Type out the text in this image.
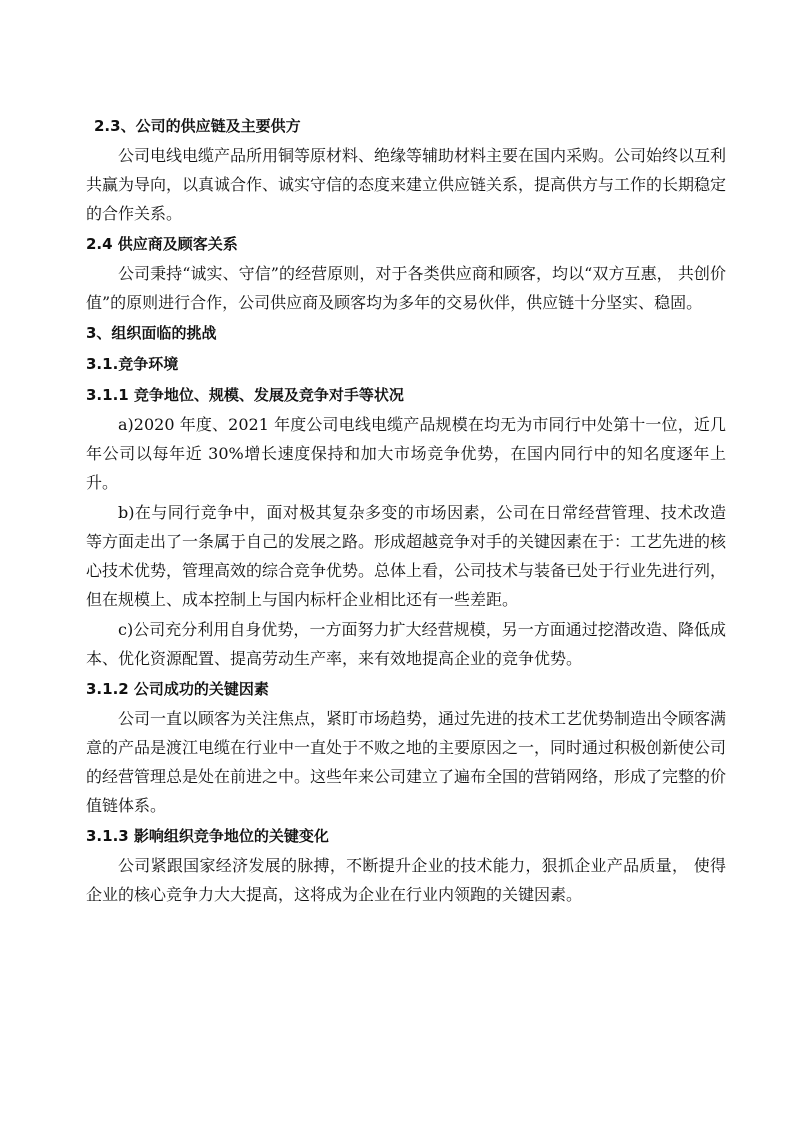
2.3、公司的供应链及主要供方

公司电线电缆产品所用铜等原材料、绝缘等辅助材料主要在国内采购。公司始终以互利共赢为导向，以真诚合作、诚实守信的态度来建立供应链关系，提高供方与工作的长期稳定的合作关系。

2.4 供应商及顾客关系

公司秉持“诚实、守信”的经营原则，对于各类供应商和顾客，均以“双方互惠， 共创价值”的原则进行合作，公司供应商及顾客均为多年的交易伙伴，供应链十分坚实、稳固。

3、组织面临的挑战
3.1.竞争环境
3.1.1 竞争地位、规模、发展及竞争对手等状况

a)2020 年度、2021 年度公司电线电缆产品规模在均无为市同行中处第十一位，近几年公司以每年近 30%增长速度保持和加大市场竞争优势，在国内同行中的知名度逐年上升。

b)在与同行竞争中，面对极其复杂多变的市场因素，公司在日常经营管理、技术改造等方面走出了一条属于自己的发展之路。形成超越竞争对手的关键因素在于：工艺先进的核心技术优势，管理高效的综合竞争优势。总体上看，公司技术与装备已处于行业先进行列，但在规模上、成本控制上与国内标杆企业相比还有一些差距。

c)公司充分利用自身优势，一方面努力扩大经营规模，另一方面通过挖潜改造、降低成本、优化资源配置、提高劳动生产率，来有效地提高企业的竞争优势。

3.1.2 公司成功的关键因素

公司一直以顾客为关注焦点，紧盯市场趋势，通过先进的技术工艺优势制造出令顾客满意的产品是渡江电缆在行业中一直处于不败之地的主要原因之一，同时通过积极创新使公司的经营管理总是处在前进之中。这些年来公司建立了遍布全国的营销网络，形成了完整的价值链体系。

3.1.3 影响组织竞争地位的关键变化

公司紧跟国家经济发展的脉搏，不断提升企业的技术能力，狠抓企业产品质量， 使得企业的核心竞争力大大提高，这将成为企业在行业内领跑的关键因素。
